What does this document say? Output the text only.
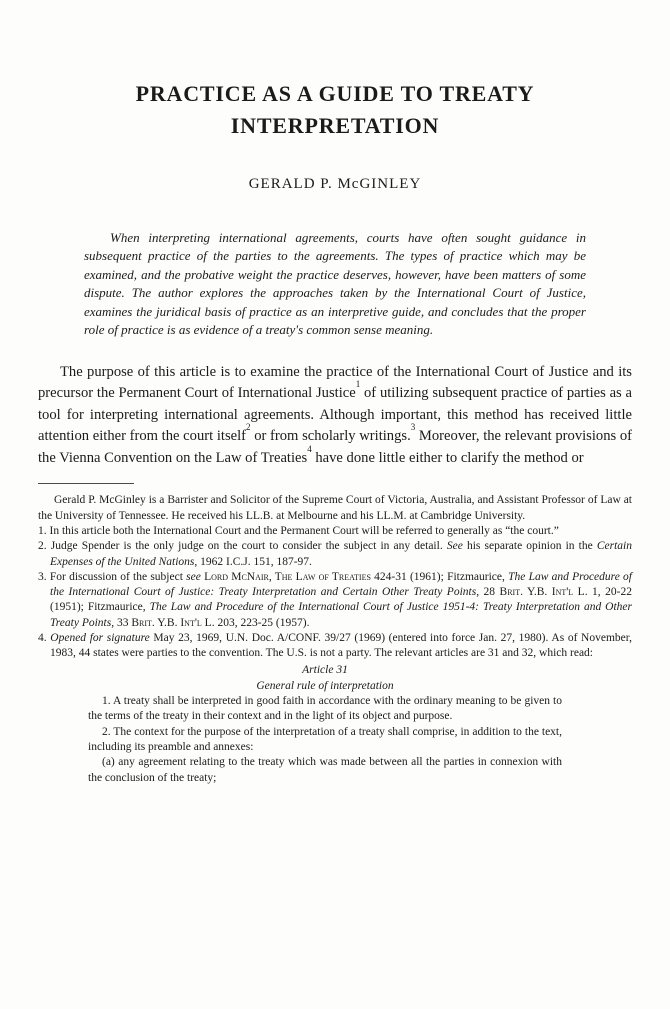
PRACTICE AS A GUIDE TO TREATY
INTERPRETATION
GERALD P. McGINLEY

When interpreting international agreements, courts have often sought guidance in subsequent practice of the parties to the agreements. The types of practice which may be examined, and the probative weight the practice deserves, however, have been matters of some dispute. The author explores the approaches taken by the International Court of Justice, examines the juridical basis of practice as an interpretive guide, and concludes that the proper role of practice is as evidence of a treaty's common sense meaning.

The purpose of this article is to examine the practice of the International Court of Justice and its precursor the Permanent Court of International Justice$^1$ of utilizing subsequent practice of parties as a tool for interpreting international agreements. Although important, this method has received little attention either from the court itself$^2$ or from scholarly writings.$^3$ Moreover, the relevant provisions of the Vienna Convention on the Law of Treaties$^4$ have done little either to clarify the method or

Gerald P. McGinley is a Barrister and Solicitor of the Supreme Court of Victoria, Australia, and Assistant Professor of Law at the University of Tennessee. He received his LL.B. at Melbourne and his LL.M. at Cambridge University.

1. In this article both the International Court and the Permanent Court will be referred to generally as “the court.”

2. Judge Spender is the only judge on the court to consider the subject in any detail. See his separate opinion in the Certain Expenses of the United Nations, 1962 I.C.J. 151, 187-97.

3. For discussion of the subject see Lord McNair, The Law of Treaties 424-31 (1961); Fitzmaurice, The Law and Procedure of the International Court of Justice: Treaty Interpretation and Certain Other Treaty Points, 28 Brit. Y.B. Int'l L. 1, 20-22 (1951); Fitzmaurice, The Law and Procedure of the International Court of Justice 1951-4: Treaty Interpretation and Other Treaty Points, 33 Brit. Y.B. Int'l L. 203, 223-25 (1957).

4. Opened for signature May 23, 1969, U.N. Doc. A/CONF. 39/27 (1969) (entered into force Jan. 27, 1980). As of November, 1983, 44 states were parties to the convention. The U.S. is not a party. The relevant articles are 31 and 32, which read:

Article 31

General rule of interpretation

1. A treaty shall be interpreted in good faith in accordance with the ordinary meaning to be given to the terms of the treaty in their context and in the light of its object and purpose.

2. The context for the purpose of the interpretation of a treaty shall comprise, in addition to the text, including its preamble and annexes:

(a) any agreement relating to the treaty which was made between all the parties in connexion with the conclusion of the treaty;
